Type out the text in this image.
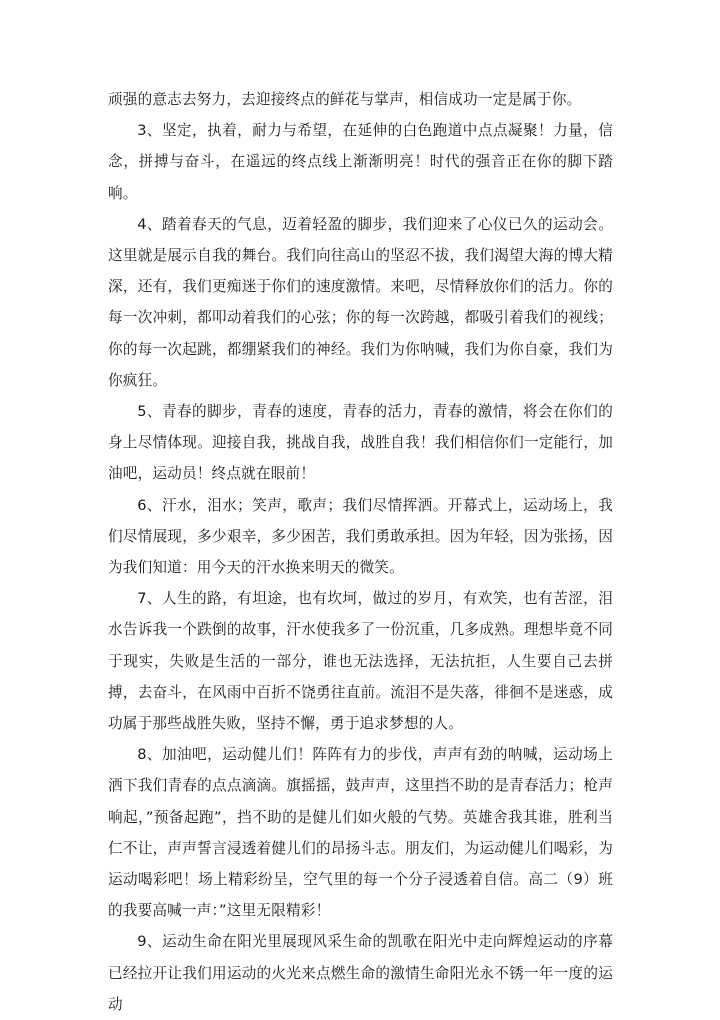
顽强的意志去努力，去迎接终点的鲜花与掌声，相信成功一定是属于你。

3、坚定，执着，耐力与希望，在延伸的白色跑道中点点凝聚！力量，信念，拼搏与奋斗，在遥远的终点线上渐渐明亮！时代的强音正在你的脚下踏响。

4、踏着春天的气息，迈着轻盈的脚步，我们迎来了心仪已久的运动会。这里就是展示自我的舞台。我们向往高山的坚忍不拔，我们渴望大海的博大精深，还有，我们更痴迷于你们的速度激情。来吧，尽情释放你们的活力。你的每一次冲刺，都叩动着我们的心弦；你的每一次跨越，都吸引着我们的视线；你的每一次起跳，都绷紧我们的神经。我们为你呐喊，我们为你自豪，我们为你疯狂。

5、青春的脚步，青春的速度，青春的活力，青春的激情，将会在你们的身上尽情体现。迎接自我，挑战自我，战胜自我！我们相信你们一定能行，加油吧，运动员！终点就在眼前！

6、汗水，泪水；笑声，歌声；我们尽情挥洒。开幕式上，运动场上，我们尽情展现，多少艰辛，多少困苦，我们勇敢承担。因为年轻，因为张扬，因为我们知道：用今天的汗水换来明天的微笑。

7、人生的路，有坦途，也有坎坷，做过的岁月，有欢笑，也有苦涩，泪水告诉我一个跌倒的故事，汗水使我多了一份沉重，几多成熟。理想毕竟不同于现实，失败是生活的一部分，谁也无法选择，无法抗拒，人生要自己去拼搏，去奋斗，在风雨中百折不饶勇往直前。流泪不是失落，徘徊不是迷惑，成功属于那些战胜失败，坚持不懈，勇于追求梦想的人。

8、加油吧，运动健儿们！阵阵有力的步伐，声声有劲的呐喊，运动场上洒下我们青春的点点滴滴。旗摇摇，鼓声声，这里挡不助的是青春活力；枪声响起，”预备起跑”，挡不助的是健儿们如火般的气势。英雄舍我其谁，胜利当仁不让，声声誓言浸透着健儿们的昂扬斗志。朋友们，为运动健儿们喝彩，为运动喝彩吧！场上精彩纷呈，空气里的每一个分子浸透着自信。高二（9）班的我要高喊一声：”这里无限精彩！

9、运动生命在阳光里展现风采生命的凯歌在阳光中走向辉煌运动的序幕已经拉开让我们用运动的火光来点燃生命的激情生命阳光永不锈一年一度的运动
